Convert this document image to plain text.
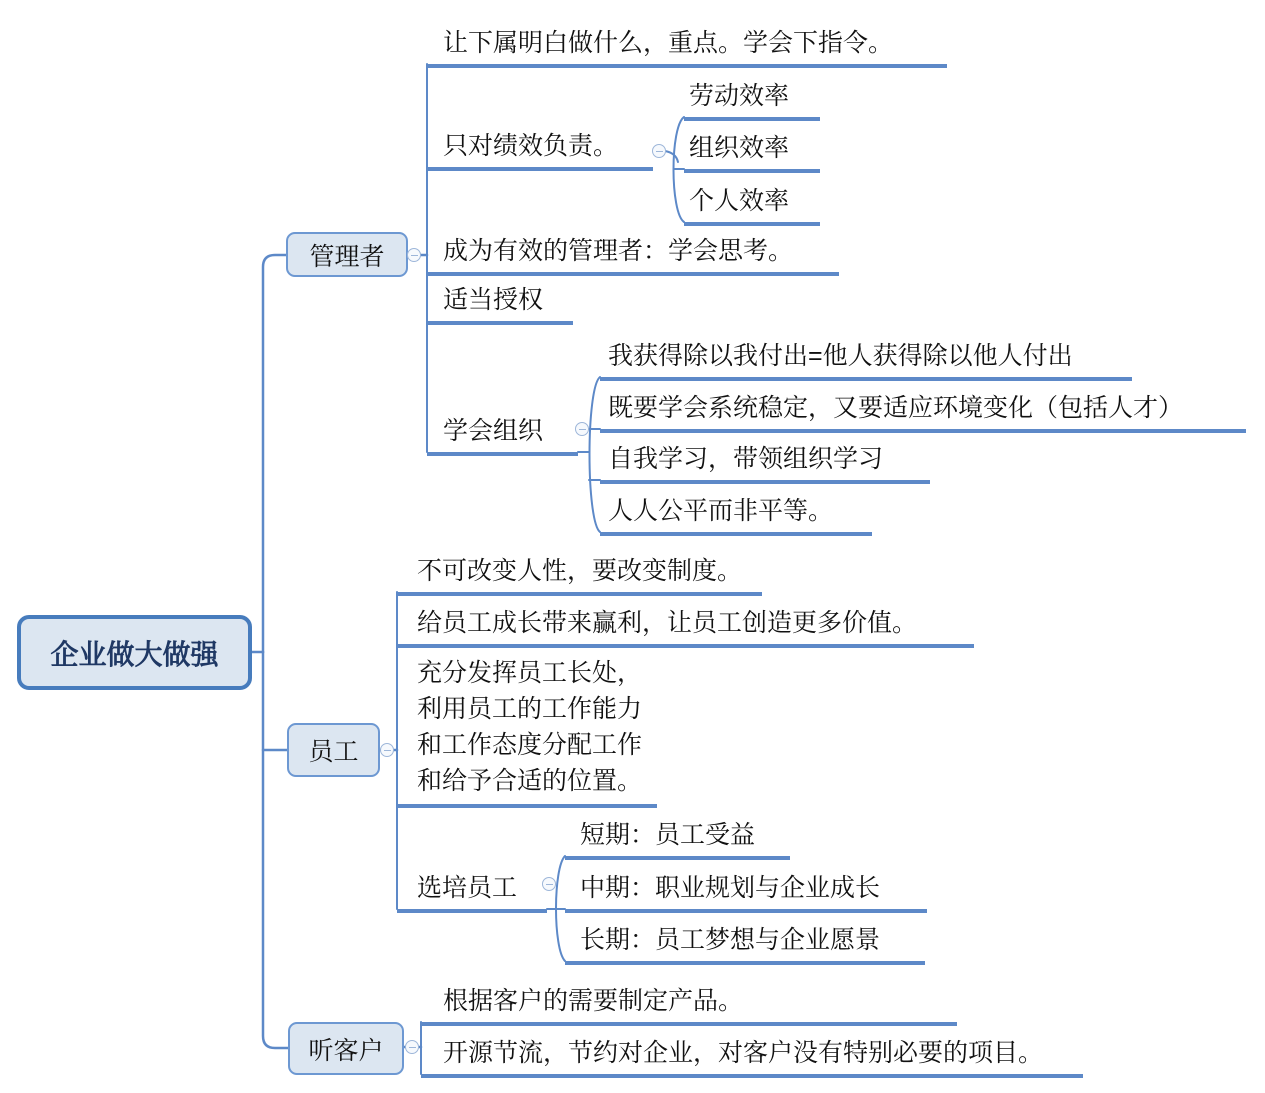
企业做大做强
管理者
员工
听客户
让下属明白做什么，重点。学会下指令。
只对绩效负责。
劳动效率
组织效率
个人效率
成为有效的管理者：学会思考。
适当授权
学会组织
我获得除以我付出=他人获得除以他人付出
既要学会系统稳定，又要适应环境变化（包括人才）
自我学习，带领组织学习
人人公平而非平等。
不可改变人性，要改变制度。
给员工成长带来赢利，让员工创造更多价值。
充分发挥员工长处，
利用员工的工作能力
和工作态度分配工作
和给予合适的位置。
选培员工
短期：员工受益
中期：职业规划与企业成长
长期：员工梦想与企业愿景
根据客户的需要制定产品。
开源节流，节约对企业，对客户没有特别必要的项目。
